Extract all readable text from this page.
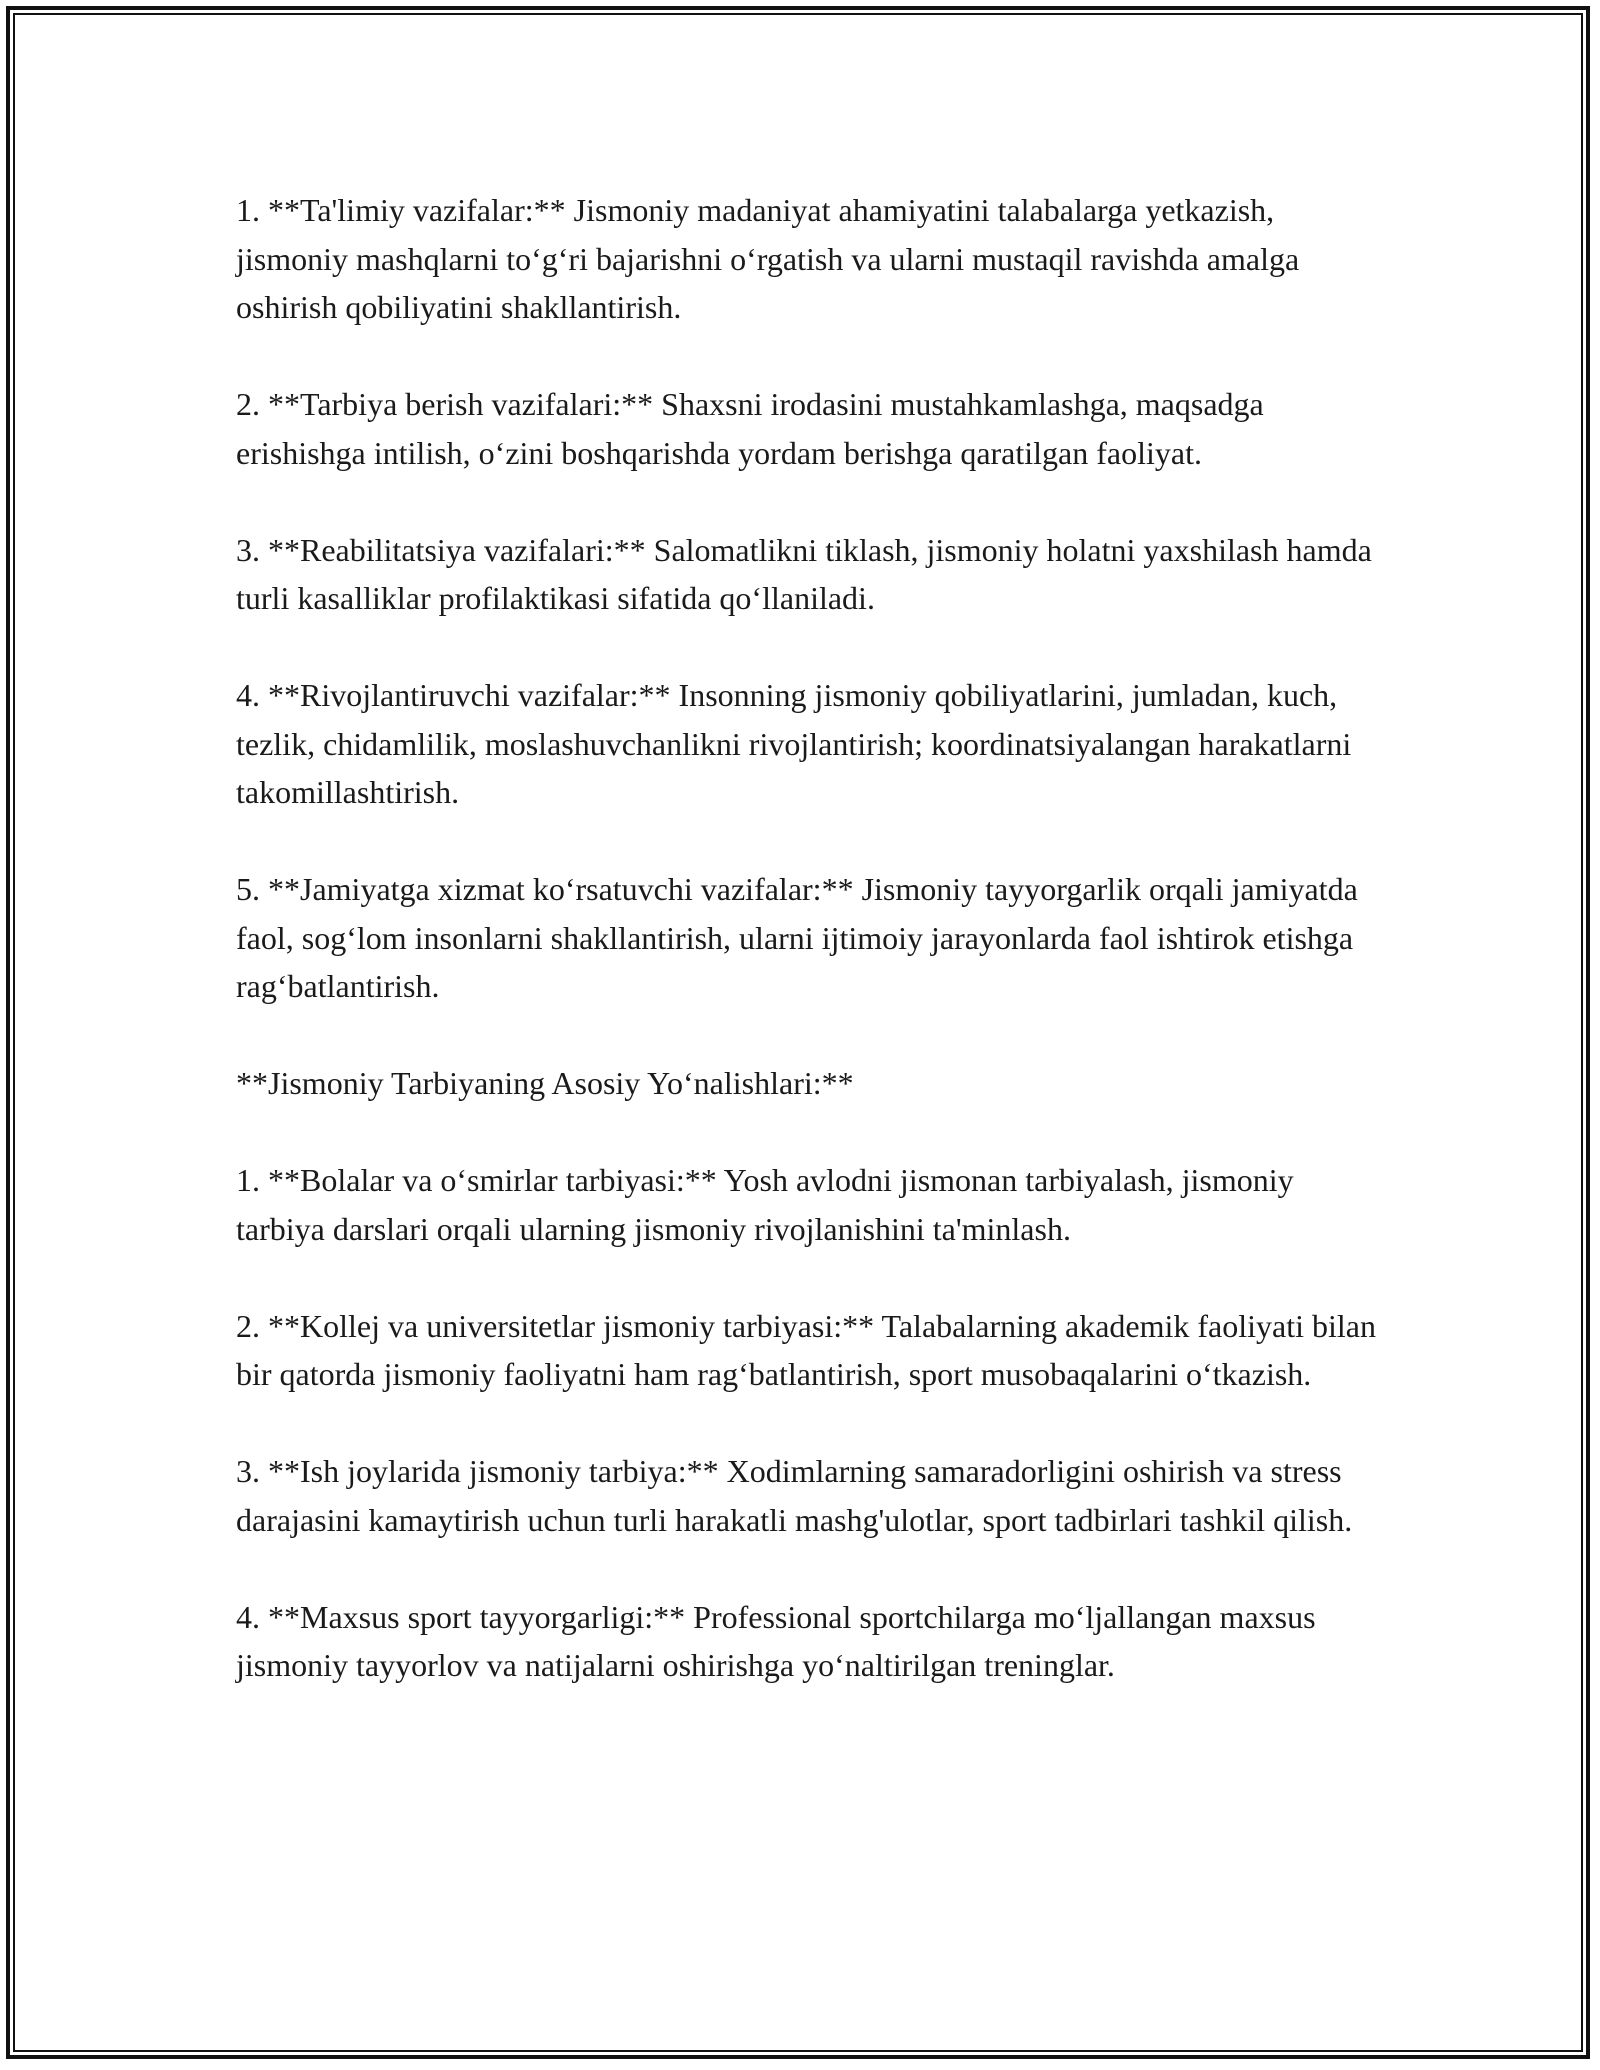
1. **Ta'limiy vazifalar:** Jismoniy madaniyat ahamiyatini talabalarga yetkazish, jismoniy mashqlarni to‘g‘ri bajarishni o‘rgatish va ularni mustaqil ravishda amalga oshirish qobiliyatini shakllantirish.

2. **Tarbiya berish vazifalari:** Shaxsni irodasini mustahkamlashga, maqsadga erishishga intilish, o‘zini boshqarishda yordam berishga qaratilgan faoliyat.

3. **Reabilitatsiya vazifalari:** Salomatlikni tiklash, jismoniy holatni yaxshilash hamda turli kasalliklar profilaktikasi sifatida qo‘llaniladi.

4. **Rivojlantiruvchi vazifalar:** Insonning jismoniy qobiliyatlarini, jumladan, kuch, tezlik, chidamlilik, moslashuvchanlikni rivojlantirish; koordinatsiyalangan harakatlarni takomillashtirish.

5. **Jamiyatga xizmat ko‘rsatuvchi vazifalar:** Jismoniy tayyorgarlik orqali jamiyatda faol, sog‘lom insonlarni shakllantirish, ularni ijtimoiy jarayonlarda faol ishtirok etishga rag‘batlantirish.

**Jismoniy Tarbiyaning Asosiy Yo‘nalishlari:**

1. **Bolalar va o‘smirlar tarbiyasi:** Yosh avlodni jismonan tarbiyalash, jismoniy tarbiya darslari orqali ularning jismoniy rivojlanishini ta'minlash.

2. **Kollej va universitetlar jismoniy tarbiyasi:** Talabalarning akademik faoliyati bilan bir qatorda jismoniy faoliyatni ham rag‘batlantirish, sport musobaqalarini o‘tkazish.

3. **Ish joylarida jismoniy tarbiya:** Xodimlarning samaradorligini oshirish va stress darajasini kamaytirish uchun turli harakatli mashg'ulotlar, sport tadbirlari tashkil qilish.

4. **Maxsus sport tayyorgarligi:** Professional sportchilarga mo‘ljallangan maxsus jismoniy tayyorlov va natijalarni oshirishga yo‘naltirilgan treninglar.
